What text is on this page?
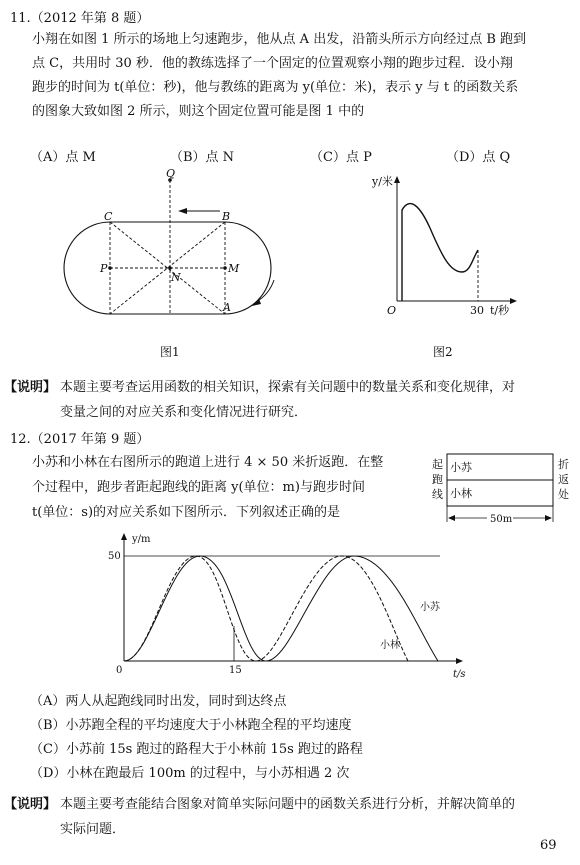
11.（2012 年第 8 题）
小翔在如图 1 所示的场地上匀速跑步，他从点 A 出发，沿箭头所示方向经过点 B 跑到
点 C，共用时 30 秒．他的教练选择了一个固定的位置观察小翔的跑步过程．设小翔
跑步的时间为 t(单位：秒)，他与教练的距离为 y(单位：米)，表示 y 与 t 的函数关系
的图象大致如图 2 所示，则这个固定位置可能是图 1 中的
（A）点 M	（B）点 N	（C）点 P	（D）点 Q
Q
C	B
P
N
M
A
图1
y/米
O	30 t/秒
图2
【说明】 本题主要考查运用函数的相关知识，探索有关问题中的数量关系和变化规律，对
变量之间的对应关系和变化情况进行研究．
12.（2017 年第 9 题）
小苏和小林在右图所示的跑道上进行 4 × 50 米折返跑．在整
个过程中，跑步者距起跑线的距离 y(单位：m)与跑步时间
t(单位：s)的对应关系如下图所示．下列叙述正确的是
起
跑
线
折
返
处
小苏
小林
50m
y/m
50
0	15	t/s
小苏
小林
（A）两人从起跑线同时出发，同时到达终点
（B）小苏跑全程的平均速度大于小林跑全程的平均速度
（C）小苏前 15s 跑过的路程大于小林前 15s 跑过的路程
（D）小林在跑最后 100m 的过程中，与小苏相遇 2 次
【说明】 本题主要考查能结合图象对简单实际问题中的函数关系进行分析，并解决简单的
实际问题．
69
